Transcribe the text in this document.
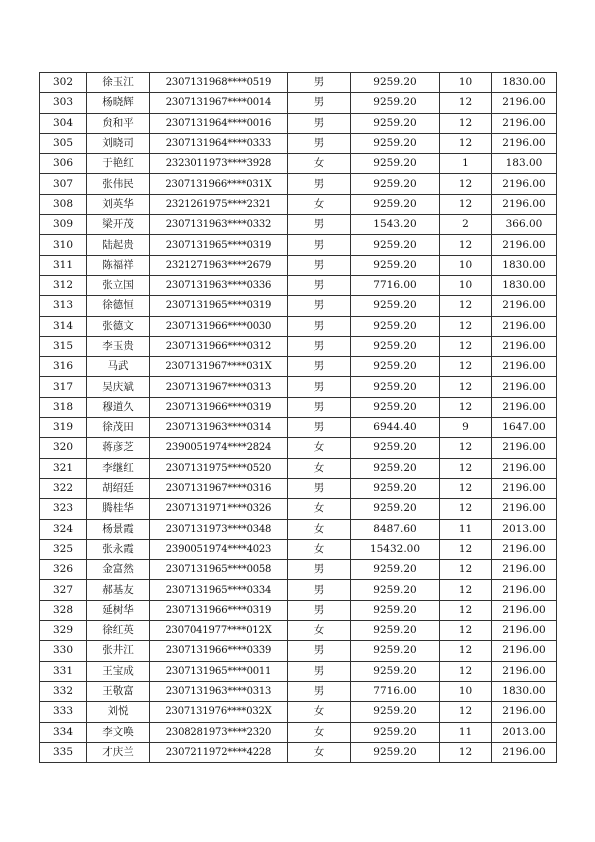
302	徐玉江	2307131968****0519	男	9259.20	10	1830.00
303	杨晓辉	2307131967****0014	男	9259.20	12	2196.00
304	贠和平	2307131964****0016	男	9259.20	12	2196.00
305	刘晓司	2307131964****0333	男	9259.20	12	2196.00
306	于艳红	2323011973****3928	女	9259.20	1	183.00
307	张伟民	2307131966****031X	男	9259.20	12	2196.00
308	刘英华	2321261975****2321	女	9259.20	12	2196.00
309	梁开茂	2307131963****0332	男	1543.20	2	366.00
310	陆起贵	2307131965****0319	男	9259.20	12	2196.00
311	陈福祥	2321271963****2679	男	9259.20	10	1830.00
312	张立国	2307131963****0336	男	7716.00	10	1830.00
313	徐德恒	2307131965****0319	男	9259.20	12	2196.00
314	张德文	2307131966****0030	男	9259.20	12	2196.00
315	李玉贵	2307131966****0312	男	9259.20	12	2196.00
316	马武	2307131967****031X	男	9259.20	12	2196.00
317	吴庆斌	2307131967****0313	男	9259.20	12	2196.00
318	穆道久	2307131966****0319	男	9259.20	12	2196.00
319	徐茂田	2307131963****0314	男	6944.40	9	1647.00
320	蒋彦芝	2390051974****2824	女	9259.20	12	2196.00
321	李继红	2307131975****0520	女	9259.20	12	2196.00
322	胡绍廷	2307131967****0316	男	9259.20	12	2196.00
323	腾桂华	2307131971****0326	女	9259.20	12	2196.00
324	杨景霞	2307131973****0348	女	8487.60	11	2013.00
325	张永霞	2390051974****4023	女	15432.00	12	2196.00
326	金富然	2307131965****0058	男	9259.20	12	2196.00
327	郝基友	2307131965****0334	男	9259.20	12	2196.00
328	延树华	2307131966****0319	男	9259.20	12	2196.00
329	徐红英	2307041977****012X	女	9259.20	12	2196.00
330	张井江	2307131966****0339	男	9259.20	12	2196.00
331	王宝成	2307131965****0011	男	9259.20	12	2196.00
332	王敬富	2307131963****0313	男	7716.00	10	1830.00
333	刘悦	2307131976****032X	女	9259.20	12	2196.00
334	李文唤	2308281973****2320	女	9259.20	11	2013.00
335	才庆兰	2307211972****4228	女	9259.20	12	2196.00
